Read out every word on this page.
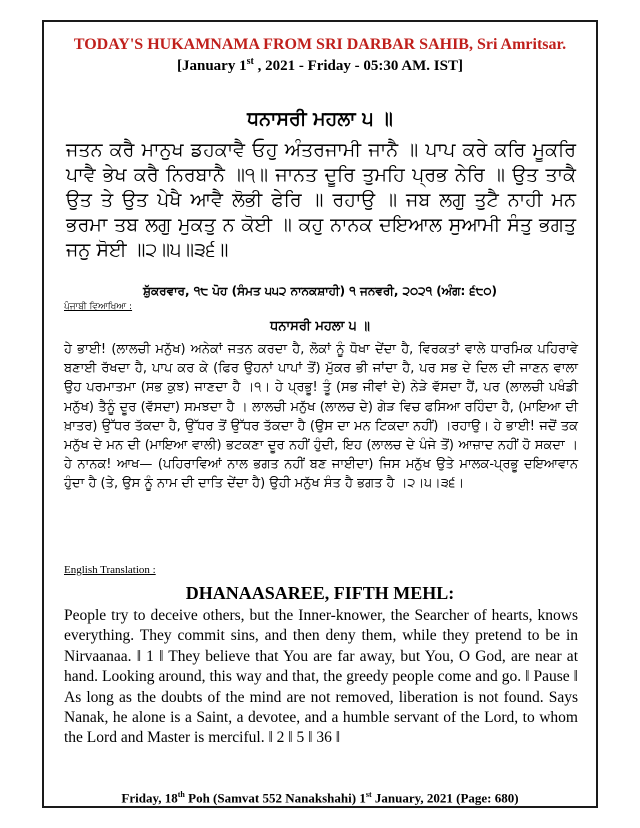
TODAY'S HUKAMNAMA FROM SRI DARBAR SAHIB, Sri Amritsar.
[January 1st , 2021 - Friday - 05:30 AM. IST]
ਧਨਾਸਰੀ ਮਹਲਾ ੫ ॥
ਜਤਨ ਕਰੈ ਮਾਨੁਖ ਡਹਕਾਵੈ ਓਹੁ ਅੰਤਰਜਾਮੀ ਜਾਨੈ ॥ ਪਾਪ ਕਰੇ ਕਰਿ ਮੂਕਰਿ ਪਾਵੈ ਭੇਖ ਕਰੈ ਨਿਰਬਾਨੈ ॥੧॥ ਜਾਨਤ ਦੂਰਿ ਤੁਮਹਿ ਪ੍ਰਭ ਨੇਰਿ ॥ ਉਤ ਤਾਕੈ ਉਤ ਤੇ ਉਤ ਪੇਖੈ ਆਵੈ ਲੋਭੀ ਫੇਰਿ ॥ ਰਹਾਉ ॥ ਜਬ ਲਗੁ ਤੁਟੈ ਨਾਹੀ ਮਨ ਭਰਮਾ ਤਬ ਲਗੁ ਮੁਕਤੁ ਨ ਕੋਈ ॥ ਕਹੁ ਨਾਨਕ ਦਇਆਲ ਸੁਆਮੀ ਸੰਤੁ ਭਗਤੁ ਜਨੁ ਸੋਈ ॥੨॥੫॥੩੬॥
ਸ਼ੁੱਕਰਵਾਰ, ੧੮ ਪੋਹ (ਸੰਮਤ ੫੫੨ ਨਾਨਕਸ਼ਾਹੀ) ੧ ਜਨਵਰੀ, ੨੦੨੧ (ਅੰਗ: ੬੮੦)
ਪੰਜਾਬੀ ਵਿਆਖਿਆ :
ਧਨਾਸਰੀ ਮਹਲਾ ੫ ॥
ਹੇ ਭਾਈ! (ਲਾਲਚੀ ਮਨੁੱਖ) ਅਨੇਕਾਂ ਜਤਨ ਕਰਦਾ ਹੈ, ਲੋਕਾਂ ਨੂੰ ਧੋਖਾ ਦੇਂਦਾ ਹੈ, ਵਿਰਕਤਾਂ ਵਾਲੇ ਧਾਰਮਿਕ ਪਹਿਰਾਵੇ ਬਣਾਈ ਰੱਖਦਾ ਹੈ, ਪਾਪ ਕਰ ਕੇ (ਫਿਰ ਉਹਨਾਂ ਪਾਪਾਂ ਤੋਂ) ਮੁੱਕਰ ਭੀ ਜਾਂਦਾ ਹੈ, ਪਰ ਸਭ ਦੇ ਦਿਲ ਦੀ ਜਾਣਨ ਵਾਲਾ ਉਹ ਪਰਮਾਤਮਾ (ਸਭ ਕੁਝ) ਜਾਣਦਾ ਹੈ ।੧। ਹੇ ਪ੍ਰਭੂ! ਤੂੰ (ਸਭ ਜੀਵਾਂ ਦੇ) ਨੇੜੇ ਵੱਸਦਾ ਹੈਂ, ਪਰ (ਲਾਲਚੀ ਪਖੰਡੀ ਮਨੁੱਖ) ਤੈਨੂੰ ਦੂਰ (ਵੱਸਦਾ) ਸਮਝਦਾ ਹੈ । ਲਾਲਚੀ ਮਨੁੱਖ (ਲਾਲਚ ਦੇ) ਗੇੜ ਵਿਚ ਫਸਿਆ ਰਹਿੰਦਾ ਹੈ, (ਮਾਇਆ ਦੀ ਖ਼ਾਤਰ) ਉੱਧਰ ਤੱਕਦਾ ਹੈ, ਉੱਧਰ ਤੋਂ ਉੱਧਰ ਤੱਕਦਾ ਹੈ (ਉਸ ਦਾ ਮਨ ਟਿਕਦਾ ਨਹੀਂ) ।ਰਹਾਉ। ਹੇ ਭਾਈ! ਜਦੋਂ ਤਕ ਮਨੁੱਖ ਦੇ ਮਨ ਦੀ (ਮਾਇਆ ਵਾਲੀ) ਭਟਕਣਾ ਦੂਰ ਨਹੀਂ ਹੁੰਦੀ, ਇਹ (ਲਾਲਚ ਦੇ ਪੰਜੇ ਤੋਂ) ਆਜ਼ਾਦ ਨਹੀਂ ਹੋ ਸਕਦਾ । ਹੇ ਨਾਨਕ! ਆਖ— (ਪਹਿਰਾਵਿਆਂ ਨਾਲ ਭਗਤ ਨਹੀਂ ਬਣ ਜਾਈਦਾ) ਜਿਸ ਮਨੁੱਖ ਉਤੇ ਮਾਲਕ-ਪ੍ਰਭੂ ਦਇਆਵਾਨ ਹੁੰਦਾ ਹੈ (ਤੇ, ਉਸ ਨੂੰ ਨਾਮ ਦੀ ਦਾਤਿ ਦੇਂਦਾ ਹੈ) ਉਹੀ ਮਨੁੱਖ ਸੰਤ ਹੈ ਭਗਤ ਹੈ ।੨।੫।੩੬।
English Translation :
DHANAASAREE, FIFTH MEHL:
People try to deceive others, but the Inner-knower, the Searcher of hearts, knows everything. They commit sins, and then deny them, while they pretend to be in Nirvaanaa. ‖ 1 ‖ They believe that You are far away, but You, O God, are near at hand. Looking around, this way and that, the greedy people come and go. ‖ Pause ‖ As long as the doubts of the mind are not removed, liberation is not found. Says Nanak, he alone is a Saint, a devotee, and a humble servant of the Lord, to whom the Lord and Master is merciful. ‖ 2 ‖ 5 ‖ 36 ‖
Friday, 18th Poh (Samvat 552 Nanakshahi) 1st January, 2021 (Page: 680)
